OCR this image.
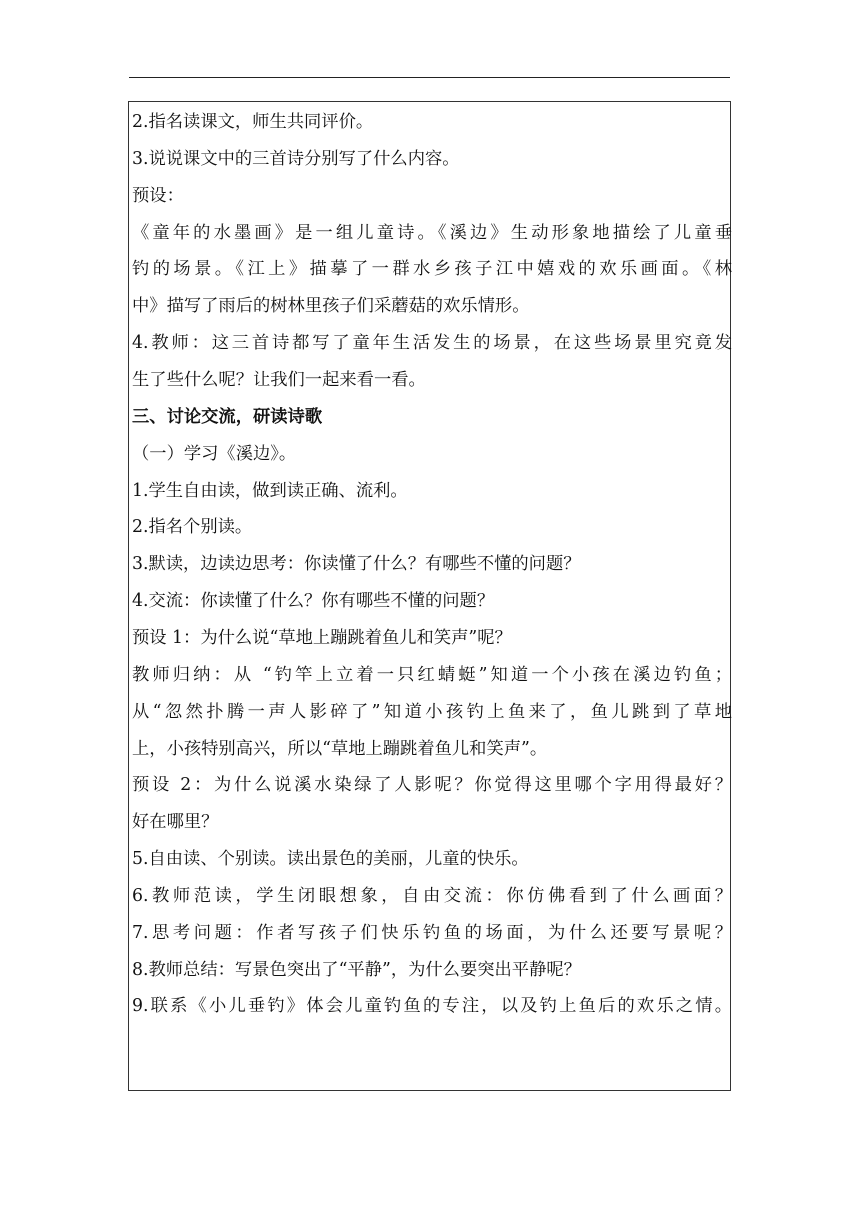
2.指名读课文，师生共同评价。
3.说说课文中的三首诗分别写了什么内容。
预设：
《童年的水墨画》是一组儿童诗。《溪边》生动形象地描绘了儿童垂
钓的场景。《江上》描摹了一群水乡孩子江中嬉戏的欢乐画面。《林
中》描写了雨后的树林里孩子们采蘑菇的欢乐情形。
4.教师：这三首诗都写了童年生活发生的场景，在这些场景里究竟发
生了些什么呢？让我们一起来看一看。
三、讨论交流，研读诗歌
（一）学习《溪边》。
1.学生自由读，做到读正确、流利。
2.指名个别读。
3.默读，边读边思考：你读懂了什么？有哪些不懂的问题？
4.交流：你读懂了什么？你有哪些不懂的问题？
预设 1：为什么说“草地上蹦跳着鱼儿和笑声”呢？
教师归纳：从 “钓竿上立着一只红蜻蜓”知道一个小孩在溪边钓鱼；
从“忽然扑腾一声人影碎了”知道小孩钓上鱼来了，鱼儿跳到了草地
上，小孩特别高兴，所以“草地上蹦跳着鱼儿和笑声”。
预设 2：为什么说溪水染绿了人影呢？你觉得这里哪个字用得最好？
好在哪里？
5.自由读、个别读。读出景色的美丽，儿童的快乐。
6.教师范读，学生闭眼想象，自由交流：你仿佛看到了什么画面？
7.思考问题：作者写孩子们快乐钓鱼的场面，为什么还要写景呢？
8.教师总结：写景色突出了“平静”，为什么要突出平静呢？
9.联系《小儿垂钓》体会儿童钓鱼的专注，以及钓上鱼后的欢乐之情。
